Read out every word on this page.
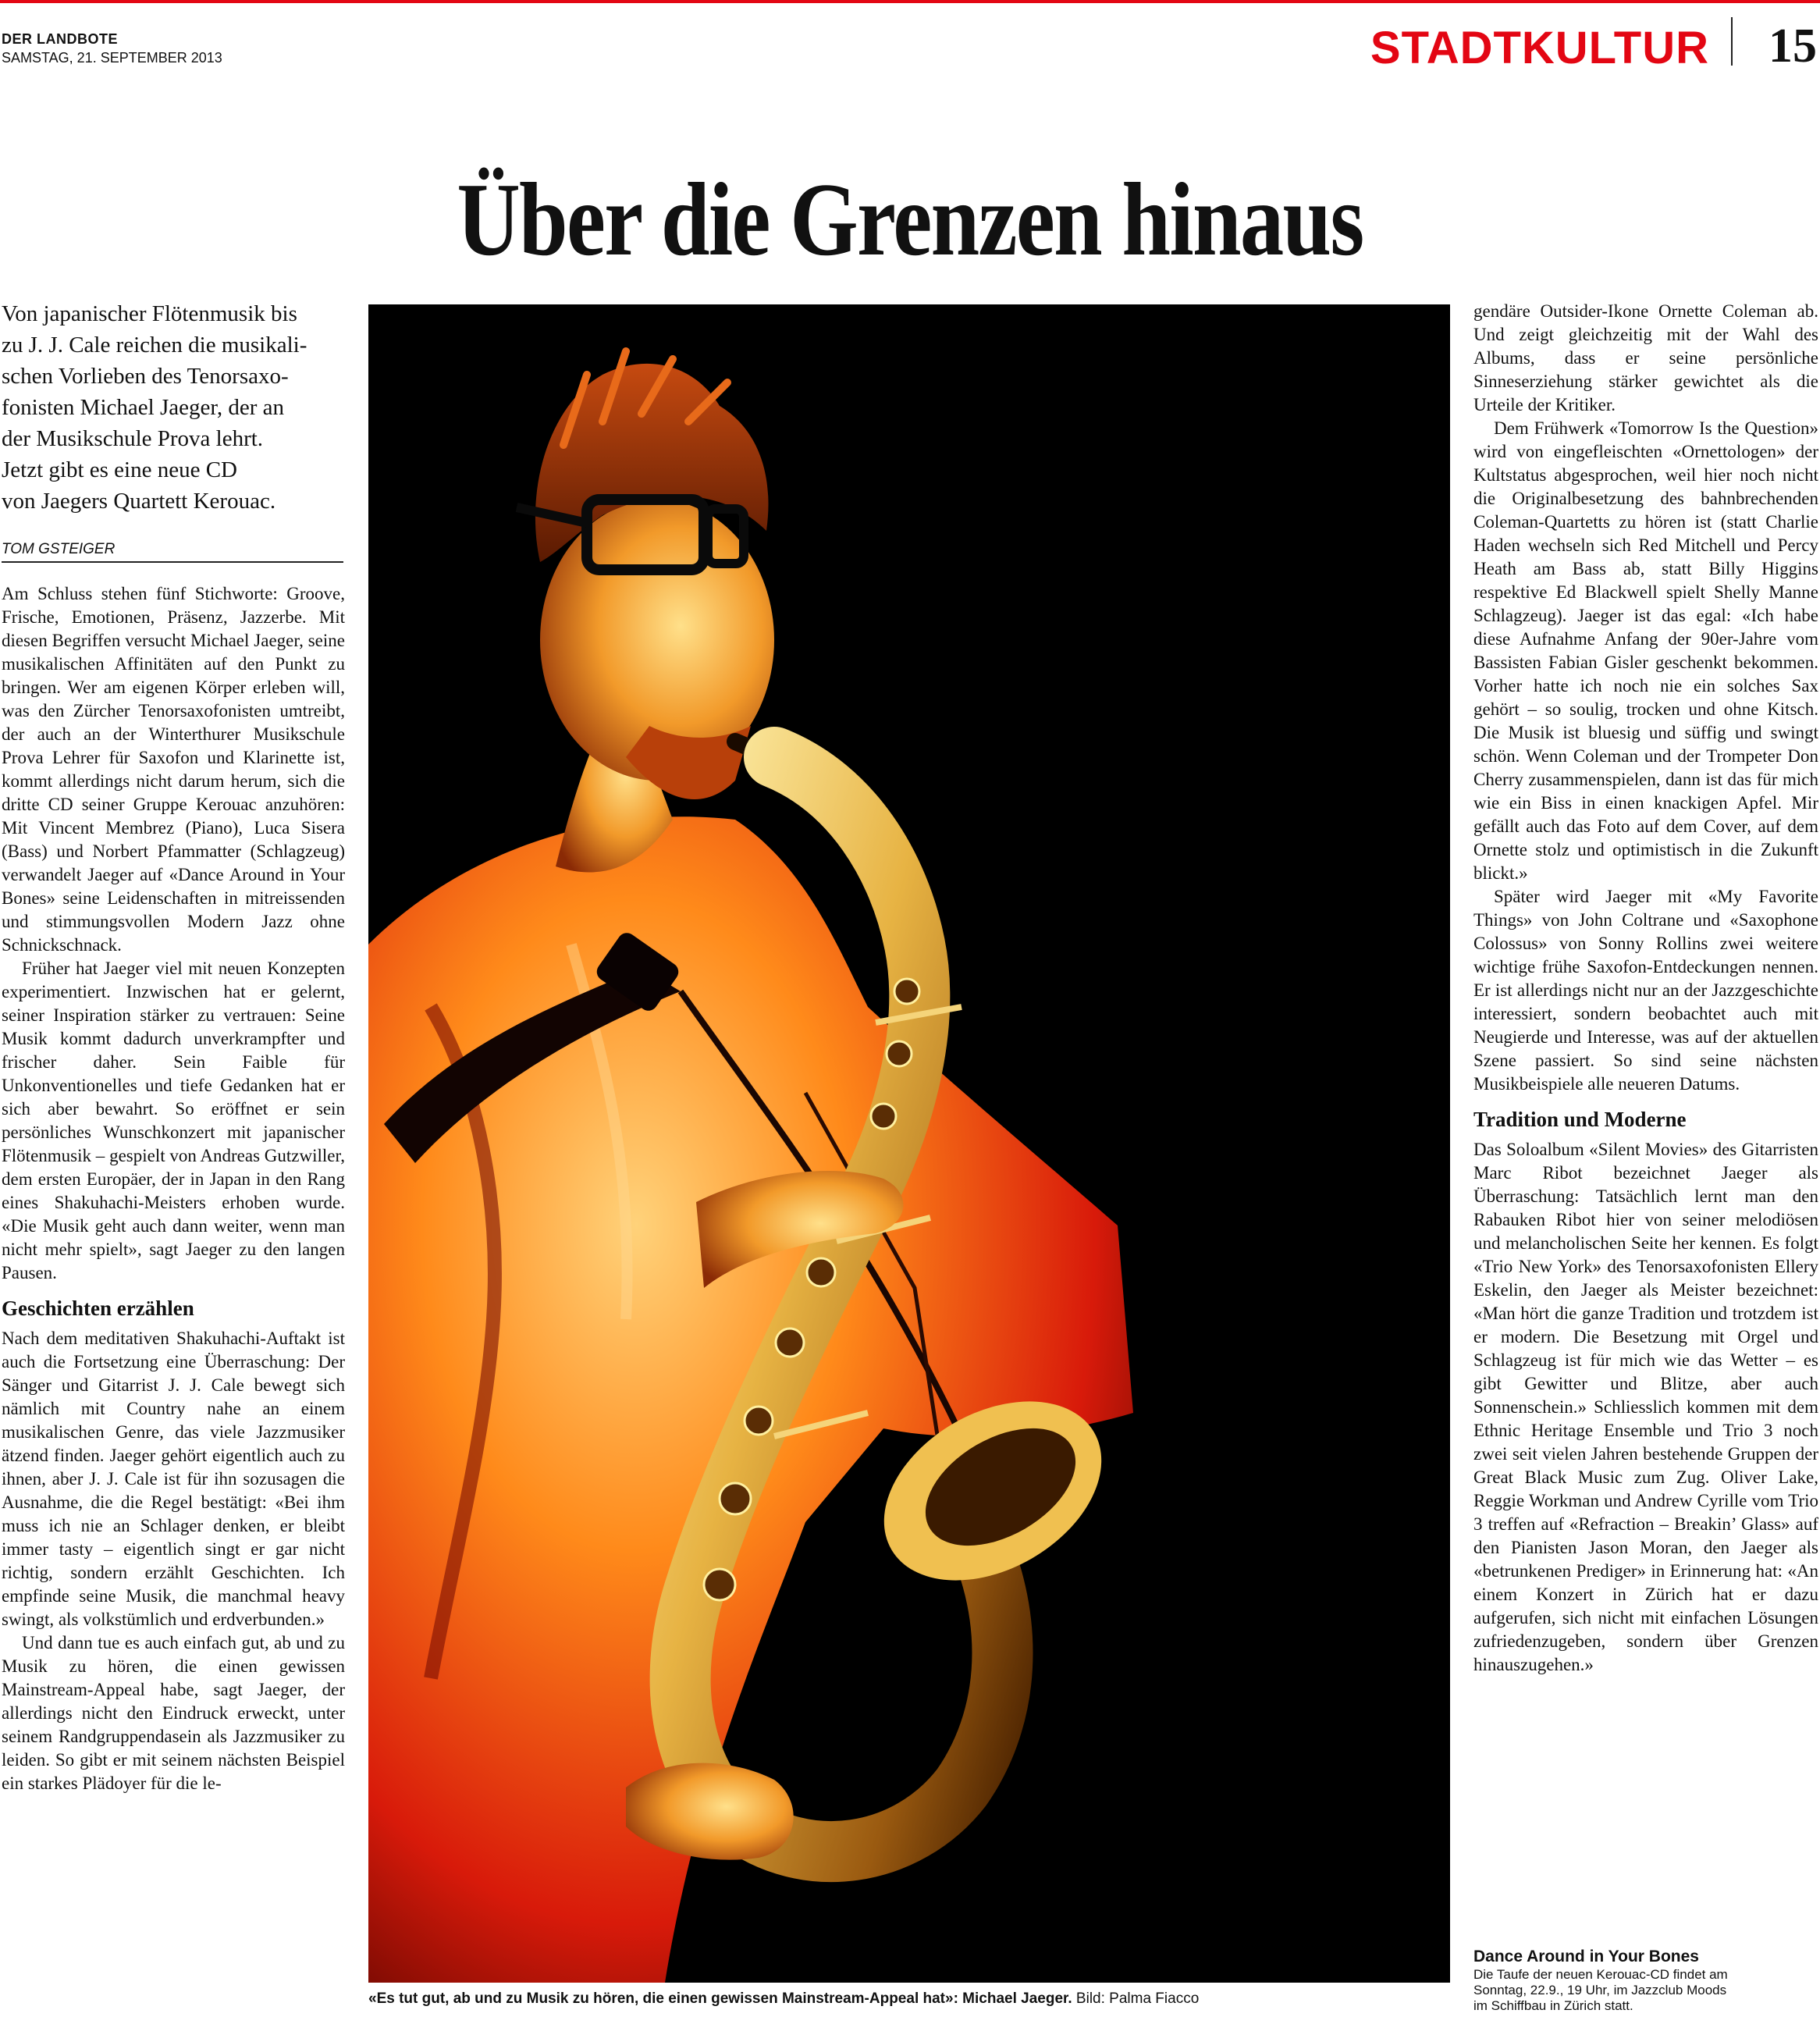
DER LANDBOTE
SAMSTAG, 21. SEPTEMBER 2013	STADTKULTUR	15
Über die Grenzen hinaus

Von japanischer Flötenmusik bis

zu J. J. Cale reichen die musikali-

schen Vorlieben des Tenorsaxo-

fonisten Michael Jaeger, der an

der Musikschule Prova lehrt.

Jetzt gibt es eine neue CD

von Jaegers Quartett Kerouac.

TOM GSTEIGER

Am Schluss stehen fünf Stichworte: Groove, Frische, Emotionen, Präsenz, Jazzerbe. Mit diesen Begriffen versucht Michael Jaeger, seine musikalischen Affinitäten auf den Punkt zu bringen. Wer am eigenen Körper erleben will, was den Zürcher Tenorsaxofonisten umtreibt, der auch an der Winterthurer Musikschule Prova Lehrer für Saxofon und Klarinette ist, kommt allerdings nicht darum herum, sich die dritte CD seiner Gruppe Kerouac anzuhören: Mit Vincent Membrez (Piano), Luca Sisera (Bass) und Norbert Pfammatter (Schlagzeug) verwandelt Jaeger auf «Dance Around in Your Bones» seine Leidenschaften in mitreissenden und stimmungsvollen Modern Jazz ohne Schnickschnack.

Früher hat Jaeger viel mit neuen Konzepten experimentiert. Inzwischen hat er gelernt, seiner Inspiration stärker zu vertrauen: Seine Musik kommt dadurch unverkrampfter und frischer daher. Sein Faible für Unkonventionelles und tiefe Gedanken hat er sich aber bewahrt. So eröffnet er sein persönliches Wunschkonzert mit japanischer Flötenmusik – gespielt von Andreas Gutzwiller, dem ersten Europäer, der in Japan in den Rang eines Shakuhachi-Meisters erhoben wurde. «Die Musik geht auch dann weiter, wenn man nicht mehr spielt», sagt Jaeger zu den langen Pausen.

Geschichten erzählen

Nach dem meditativen Shakuhachi-Auftakt ist auch die Fortsetzung eine Überraschung: Der Sänger und Gitarrist J. J. Cale bewegt sich nämlich mit Country nahe an einem musikalischen Genre, das viele Jazzmusiker ätzend finden. Jaeger gehört eigentlich auch zu ihnen, aber J. J. Cale ist für ihn sozusagen die Ausnahme, die die Regel bestätigt: «Bei ihm muss ich nie an Schlager denken, er bleibt immer tasty – eigentlich singt er gar nicht richtig, sondern erzählt Geschichten. Ich empfinde seine Musik, die manchmal heavy swingt, als volkstümlich und erdverbunden.»

Und dann tue es auch einfach gut, ab und zu Musik zu hören, die einen gewissen Mainstream-Appeal habe, sagt Jaeger, der allerdings nicht den Eindruck erweckt, unter seinem Randgruppendasein als Jazzmusiker zu leiden. So gibt er mit seinem nächsten Beispiel ein starkes Plädoyer für die le-

«Es tut gut, ab und zu Musik zu hören, die einen gewissen Mainstream-Appeal hat»: Michael Jaeger. Bild: Palma Fiacco

gendäre Outsider-Ikone Ornette Coleman ab. Und zeigt gleichzeitig mit der Wahl des Albums, dass er seine persönliche Sinneserziehung stärker gewichtet als die Urteile der Kritiker.

Dem Frühwerk «Tomorrow Is the Question» wird von eingefleischten «Ornettologen» der Kultstatus abgesprochen, weil hier noch nicht die Originalbesetzung des bahnbrechenden Coleman-Quartetts zu hören ist (statt Charlie Haden wechseln sich Red Mitchell und Percy Heath am Bass ab, statt Billy Higgins respektive Ed Blackwell spielt Shelly Manne Schlagzeug). Jaeger ist das egal: «Ich habe diese Aufnahme Anfang der 90er-Jahre vom Bassisten Fabian Gisler geschenkt bekommen. Vorher hatte ich noch nie ein solches Sax gehört – so soulig, trocken und ohne Kitsch. Die Musik ist bluesig und süffig und swingt schön. Wenn Coleman und der Trompeter Don Cherry zusammenspielen, dann ist das für mich wie ein Biss in einen knackigen Apfel. Mir gefällt auch das Foto auf dem Cover, auf dem Ornette stolz und optimistisch in die Zukunft blickt.»

Später wird Jaeger mit «My Favorite Things» von John Coltrane und «Saxophone Colossus» von Sonny Rollins zwei weitere wichtige frühe Saxofon-Entdeckungen nennen. Er ist allerdings nicht nur an der Jazzgeschichte interessiert, sondern beobachtet auch mit Neugierde und Interesse, was auf der aktuellen Szene passiert. So sind seine nächsten Musikbeispiele alle neueren Datums.

Tradition und Moderne

Das Soloalbum «Silent Movies» des Gitarristen Marc Ribot bezeichnet Jaeger als Überraschung: Tatsächlich lernt man den Rabauken Ribot hier von seiner melodiösen und melancholischen Seite her kennen. Es folgt «Trio New York» des Tenorsaxofonisten Ellery Eskelin, den Jaeger als Meister bezeichnet: «Man hört die ganze Tradition und trotzdem ist er modern. Die Besetzung mit Orgel und Schlagzeug ist für mich wie das Wetter – es gibt Gewitter und Blitze, aber auch Sonnenschein.» Schliesslich kommen mit dem Ethnic Heritage Ensemble und Trio 3 noch zwei seit vielen Jahren bestehende Gruppen der Great Black Music zum Zug. Oliver Lake, Reggie Workman und Andrew Cyrille vom Trio 3 treffen auf «Refraction – Breakin’ Glass» auf den Pianisten Jason Moran, den Jaeger als «betrunkenen Prediger» in Erinnerung hat: «An einem Konzert in Zürich hat er dazu aufgerufen, sich nicht mit einfachen Lösungen zufriedenzugeben, sondern über Grenzen hinauszugehen.»

Dance Around in Your Bones
Die Taufe der neuen Kerouac-CD findet am
Sonntag, 22.9., 19 Uhr, im Jazzclub Moods
im Schiffbau in Zürich statt.
